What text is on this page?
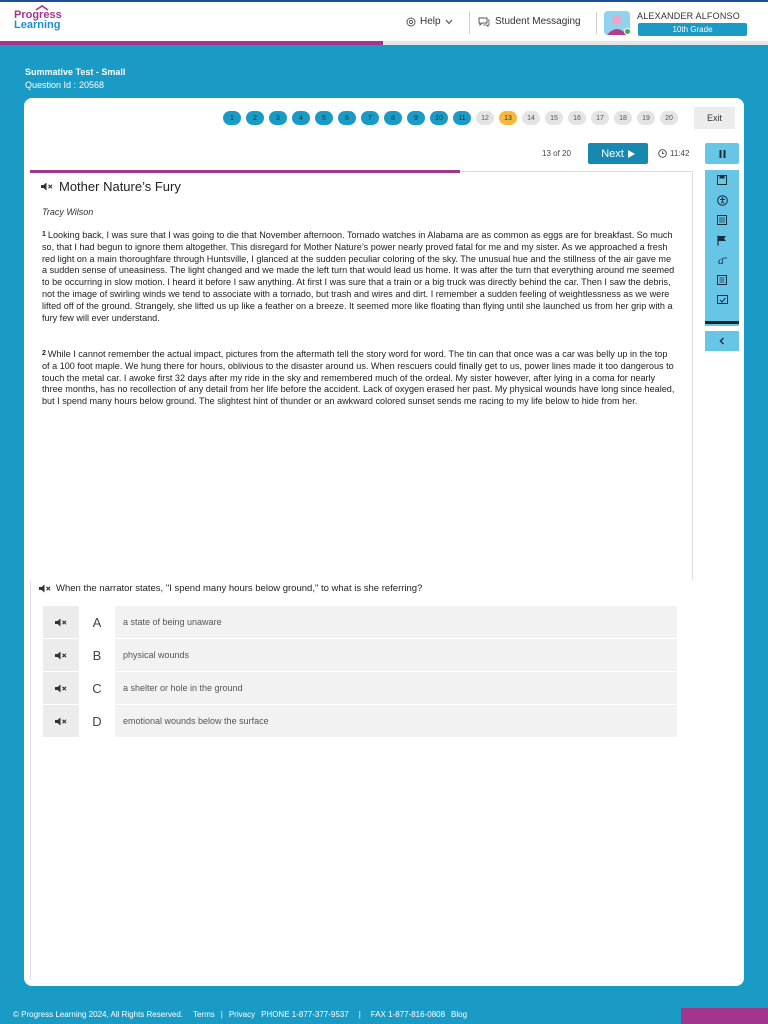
Progress
Learning	Help	Student Messaging	ALEXANDER ALFONSO
10th Grade
Summative Test - Small
Question Id : 20568
1	2	3	4	5	6	7	8	9	10	11	12	13	14	15	16	17	18	19	20	Exit
13 of 20	Next	11:42
Mother Nature’s Fury
Tracy Wilson
$^1$ Looking back, I was sure that I was going to die that November afternoon. Tornado watches in Alabama are as common as eggs are for breakfast. So much so, that I had begun to ignore them altogether. This disregard for Mother Nature’s power nearly proved fatal for me and my sister. As we approached a fresh red light on a main thoroughfare through Huntsville, I glanced at the sudden peculiar coloring of the sky. The unusual hue and the stillness of the air gave me a sudden sense of uneasiness. The light changed and we made the left turn that would lead us home. It was after the turn that everything around me seemed to be occurring in slow motion. I heard it before I saw anything. At first I was sure that a train or a big truck was directly behind the car. Then I saw the debris, not the image of swirling winds we tend to associate with a tornado, but trash and wires and dirt. I remember a sudden feeling of weightlessness as we were lifted off of the ground. Strangely, she lifted us up like a feather on a breeze. It seemed more like floating than flying until she launched us from her grip with a fury few will ever understand.
$^2$ While I cannot remember the actual impact, pictures from the aftermath tell the story word for word. The tin can that once was a car was belly up in the top of a 100 foot maple. We hung there for hours, oblivious to the disaster around us. When rescuers could finally get to us, power lines made it too dangerous to touch the metal car. I awoke first 32 days after my ride in the sky and remembered much of the ordeal. My sister however, after lying in a coma for nearly three months, has no recollection of any detail from her life before the accident. Lack of oxygen erased her past. My physical wounds have long since healed, but I spend many hours below ground. The slightest hint of thunder or an awkward colored sunset sends me racing to my life below to hide from her.
a
When the narrator states, "I spend many hours below ground," to what is she referring?
A	a state of being unaware
B	physical wounds
C	a shelter or hole in the ground
D	emotional wounds below the surface
© Progress Learning 2024, All Rights Reserved. Terms | Privacy PHONE 1-877-377-9537 | FAX 1-877-816-0808 Blog
